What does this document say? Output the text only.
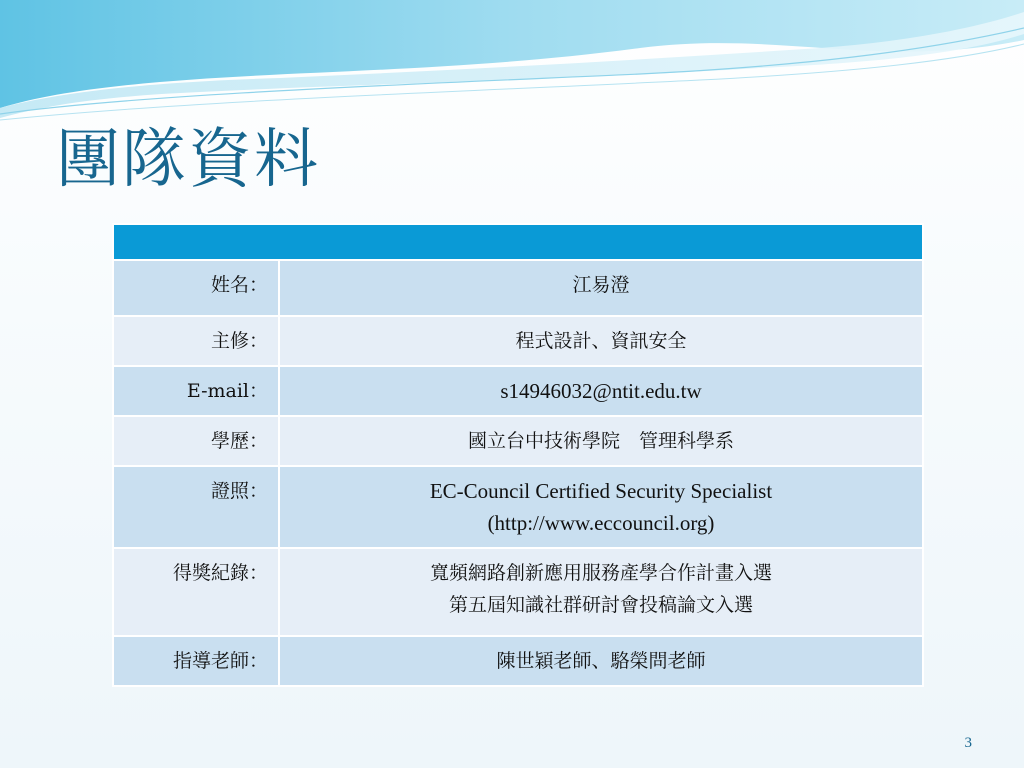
團隊資料

姓名：	江易澄
主修：	程式設計、資訊安全
E-mail：	s14946032@ntit.edu.tw
學歷：	國立台中技術學院　管理科學系
證照：	EC-Council Certified Security Specialist
(http://www.eccouncil.org)

得獎紀錄：	寬頻網路創新應用服務產學合作計畫入選
第五屆知識社群研討會投稿論文入選

指導老師：	陳世穎老師、駱榮問老師
3
